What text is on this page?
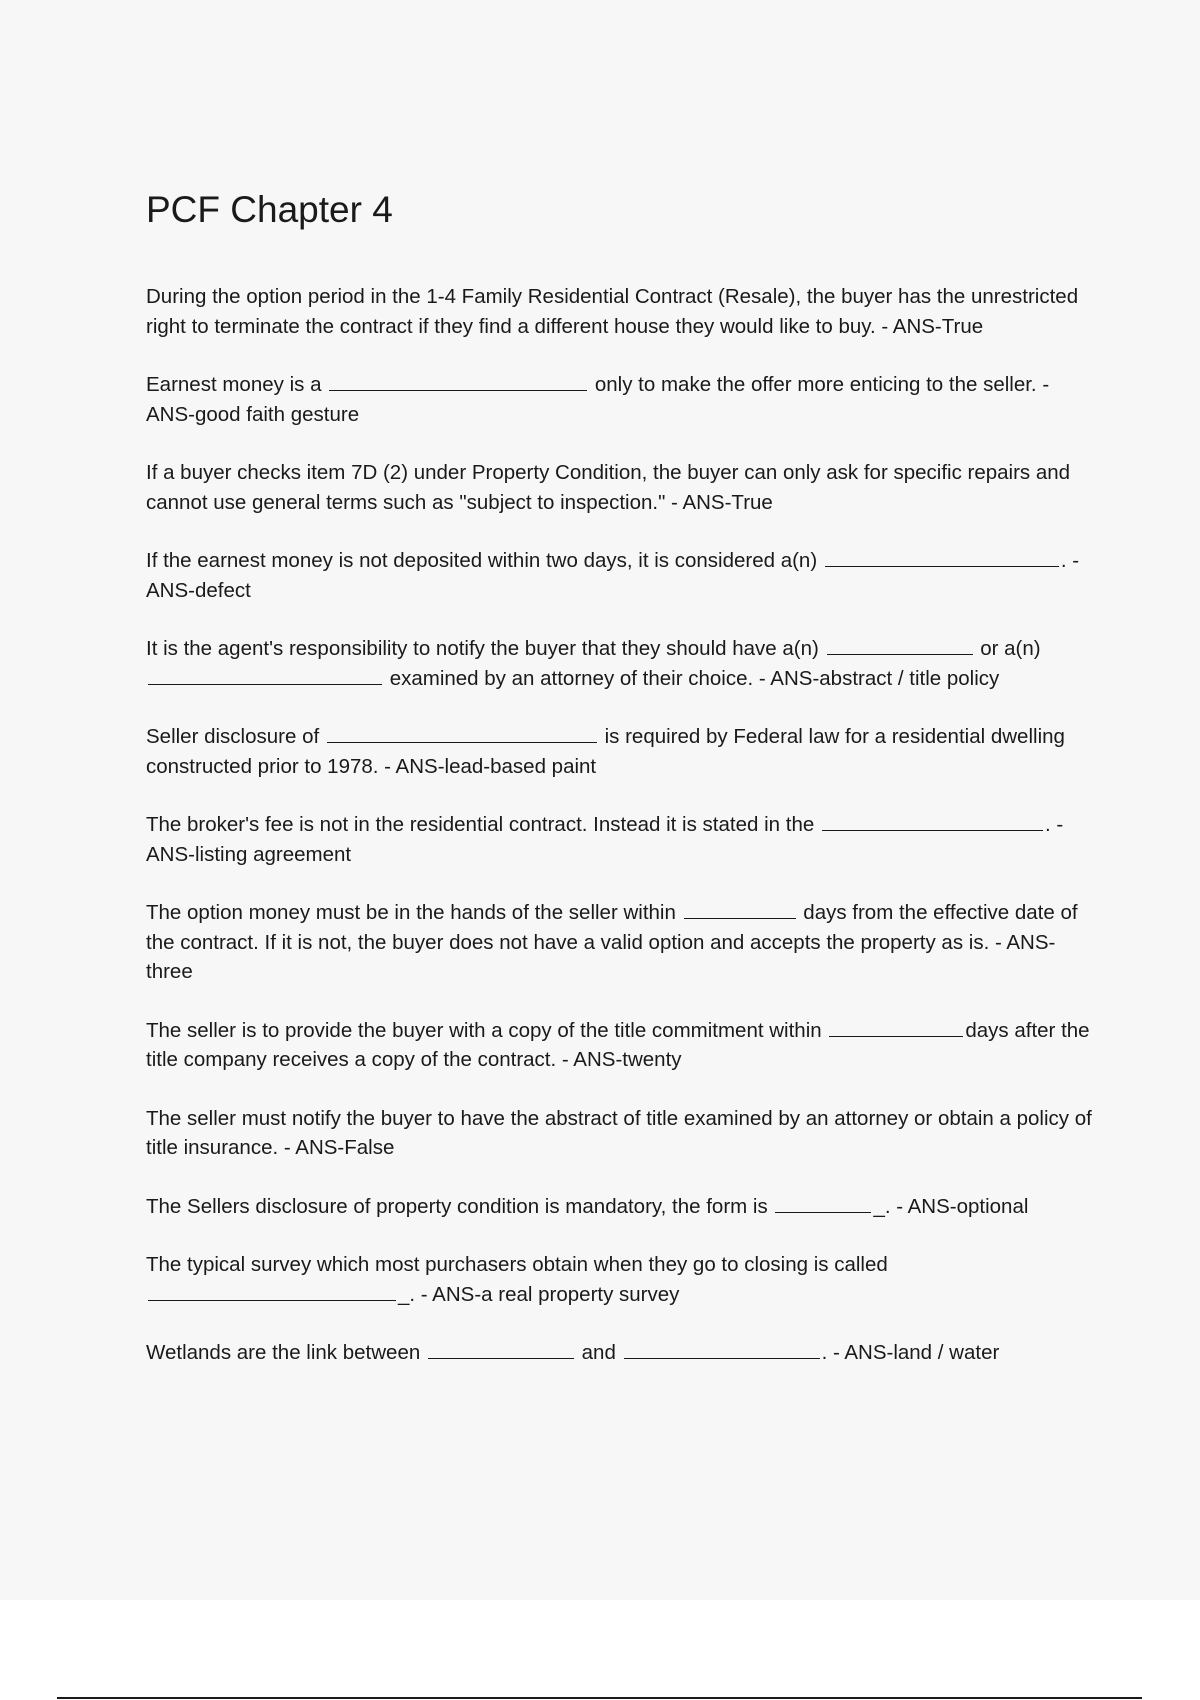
PCF Chapter 4

During the option period in the 1-4 Family Residential Contract (Resale), the buyer has the unrestricted right to terminate the contract if they find a different house they would like to buy. - ANS-True

Earnest money is a	only to make the offer more enticing to the seller. - ANS-good faith gesture

If a buyer checks item 7D (2) under Property Condition, the buyer can only ask for specific repairs and cannot use general terms such as "subject to inspection." - ANS-True

If the earnest money is not deposited within two days, it is considered a(n)	. - ANS-defect

It is the agent's responsibility to notify the buyer that they should have a(n)	or a(n)  examined by an attorney of their choice. - ANS-abstract / title policy

Seller disclosure of	is required by Federal law for a residential dwelling constructed prior to 1978. - ANS-lead-based paint

The broker's fee is not in the residential contract. Instead it is stated in the	. - ANS-listing agreement

The option money must be in the hands of the seller within	days from the effective date of the contract. If it is not, the buyer does not have a valid option and accepts the property as is. - ANS-three

The seller is to provide the buyer with a copy of the title commitment within	days after the title company receives a copy of the contract. - ANS-twenty

The seller must notify the buyer to have the abstract of title examined by an attorney or obtain a policy of title insurance. - ANS-False

The Sellers disclosure of property condition is mandatory, the form is	_. - ANS-optional

The typical survey which most purchasers obtain when they go to closing is called _. - ANS-a real property survey

Wetlands are the link between	and	. - ANS-land / water
